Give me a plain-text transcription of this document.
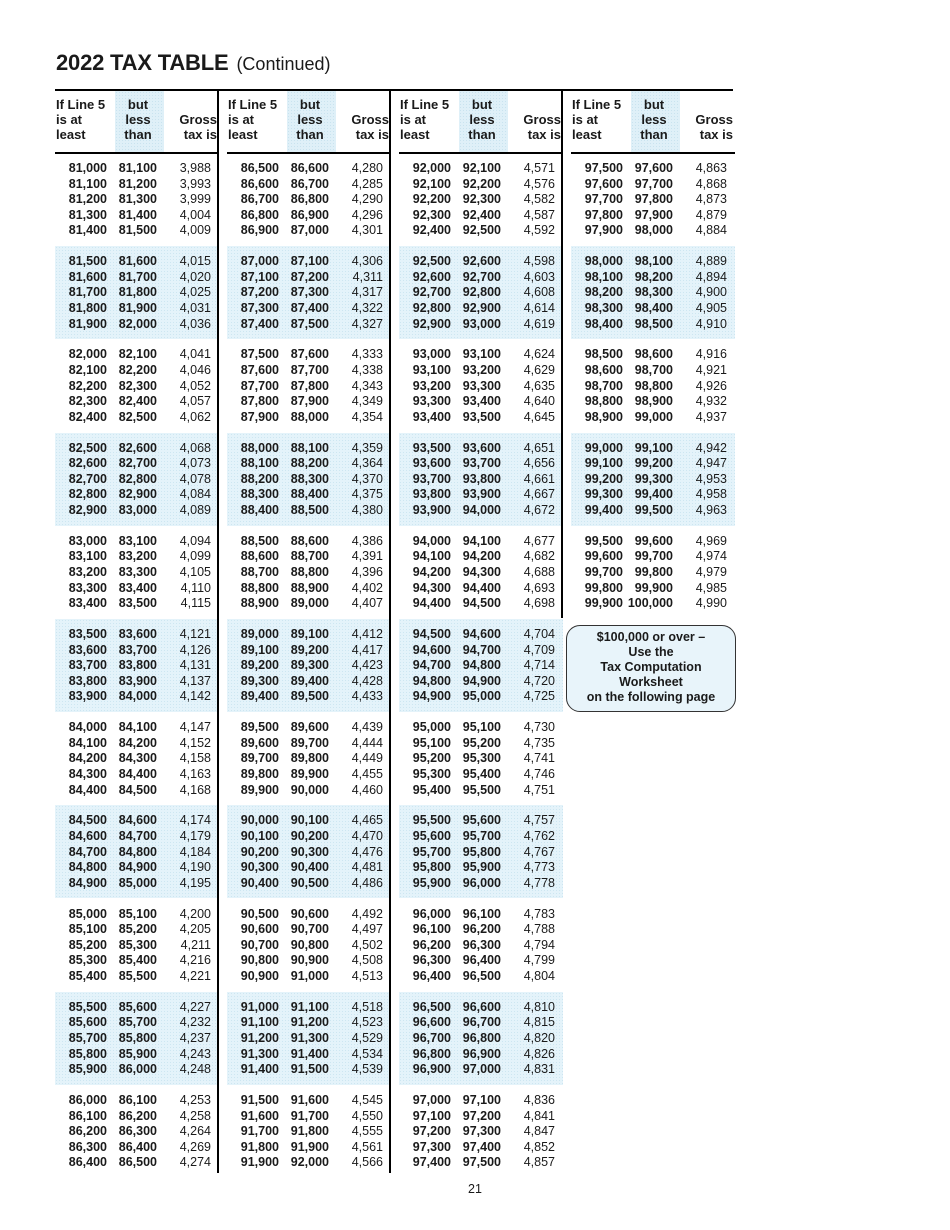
2022 TAX TABLE (Continued)
If Line 5
is at
least
but
less
than
Gross
tax is
81,000 81,100 3,988
81,100 81,200 3,993
81,200 81,300 3,999
81,300 81,400 4,004
81,400 81,500 4,009
81,500 81,600 4,015
81,600 81,700 4,020
81,700 81,800 4,025
81,800 81,900 4,031
81,900 82,000 4,036
82,000 82,100 4,041
82,100 82,200 4,046
82,200 82,300 4,052
82,300 82,400 4,057
82,400 82,500 4,062
82,500 82,600 4,068
82,600 82,700 4,073
82,700 82,800 4,078
82,800 82,900 4,084
82,900 83,000 4,089
83,000 83,100 4,094
83,100 83,200 4,099
83,200 83,300 4,105
83,300 83,400 4,110
83,400 83,500 4,115
83,500 83,600 4,121
83,600 83,700 4,126
83,700 83,800 4,131
83,800 83,900 4,137
83,900 84,000 4,142
84,000 84,100 4,147
84,100 84,200 4,152
84,200 84,300 4,158
84,300 84,400 4,163
84,400 84,500 4,168
84,500 84,600 4,174
84,600 84,700 4,179
84,700 84,800 4,184
84,800 84,900 4,190
84,900 85,000 4,195
85,000 85,100 4,200
85,100 85,200 4,205
85,200 85,300 4,211
85,300 85,400 4,216
85,400 85,500 4,221
85,500 85,600 4,227
85,600 85,700 4,232
85,700 85,800 4,237
85,800 85,900 4,243
85,900 86,000 4,248
86,000 86,100 4,253
86,100 86,200 4,258
86,200 86,300 4,264
86,300 86,400 4,269
86,400 86,500 4,274
If Line 5
is at
least
but
less
than
Gross
tax is
86,500 86,600 4,280
86,600 86,700 4,285
86,700 86,800 4,290
86,800 86,900 4,296
86,900 87,000 4,301
87,000 87,100 4,306
87,100 87,200 4,311
87,200 87,300 4,317
87,300 87,400 4,322
87,400 87,500 4,327
87,500 87,600 4,333
87,600 87,700 4,338
87,700 87,800 4,343
87,800 87,900 4,349
87,900 88,000 4,354
88,000 88,100 4,359
88,100 88,200 4,364
88,200 88,300 4,370
88,300 88,400 4,375
88,400 88,500 4,380
88,500 88,600 4,386
88,600 88,700 4,391
88,700 88,800 4,396
88,800 88,900 4,402
88,900 89,000 4,407
89,000 89,100 4,412
89,100 89,200 4,417
89,200 89,300 4,423
89,300 89,400 4,428
89,400 89,500 4,433
89,500 89,600 4,439
89,600 89,700 4,444
89,700 89,800 4,449
89,800 89,900 4,455
89,900 90,000 4,460
90,000 90,100 4,465
90,100 90,200 4,470
90,200 90,300 4,476
90,300 90,400 4,481
90,400 90,500 4,486
90,500 90,600 4,492
90,600 90,700 4,497
90,700 90,800 4,502
90,800 90,900 4,508
90,900 91,000 4,513
91,000 91,100 4,518
91,100 91,200 4,523
91,200 91,300 4,529
91,300 91,400 4,534
91,400 91,500 4,539
91,500 91,600 4,545
91,600 91,700 4,550
91,700 91,800 4,555
91,800 91,900 4,561
91,900 92,000 4,566
If Line 5
is at
least
but
less
than
Gross
tax is
92,000 92,100 4,571
92,100 92,200 4,576
92,200 92,300 4,582
92,300 92,400 4,587
92,400 92,500 4,592
92,500 92,600 4,598
92,600 92,700 4,603
92,700 92,800 4,608
92,800 92,900 4,614
92,900 93,000 4,619
93,000 93,100 4,624
93,100 93,200 4,629
93,200 93,300 4,635
93,300 93,400 4,640
93,400 93,500 4,645
93,500 93,600 4,651
93,600 93,700 4,656
93,700 93,800 4,661
93,800 93,900 4,667
93,900 94,000 4,672
94,000 94,100 4,677
94,100 94,200 4,682
94,200 94,300 4,688
94,300 94,400 4,693
94,400 94,500 4,698
94,500 94,600 4,704
94,600 94,700 4,709
94,700 94,800 4,714
94,800 94,900 4,720
94,900 95,000 4,725
95,000 95,100 4,730
95,100 95,200 4,735
95,200 95,300 4,741
95,300 95,400 4,746
95,400 95,500 4,751
95,500 95,600 4,757
95,600 95,700 4,762
95,700 95,800 4,767
95,800 95,900 4,773
95,900 96,000 4,778
96,000 96,100 4,783
96,100 96,200 4,788
96,200 96,300 4,794
96,300 96,400 4,799
96,400 96,500 4,804
96,500 96,600 4,810
96,600 96,700 4,815
96,700 96,800 4,820
96,800 96,900 4,826
96,900 97,000 4,831
97,000 97,100 4,836
97,100 97,200 4,841
97,200 97,300 4,847
97,300 97,400 4,852
97,400 97,500 4,857
If Line 5
is at
least
but
less
than
Gross
tax is
97,500 97,600 4,863
97,600 97,700 4,868
97,700 97,800 4,873
97,800 97,900 4,879
97,900 98,000 4,884
98,000 98,100 4,889
98,100 98,200 4,894
98,200 98,300 4,900
98,300 98,400 4,905
98,400 98,500 4,910
98,500 98,600 4,916
98,600 98,700 4,921
98,700 98,800 4,926
98,800 98,900 4,932
98,900 99,000 4,937
99,000 99,100 4,942
99,100 99,200 4,947
99,200 99,300 4,953
99,300 99,400 4,958
99,400 99,500 4,963
99,500 99,600 4,969
99,600 99,700 4,974
99,700 99,800 4,979
99,800 99,900 4,985
99,900 100,000 4,990
$100,000 or over –
Use the
Tax Computation
Worksheet
on the following page
21
